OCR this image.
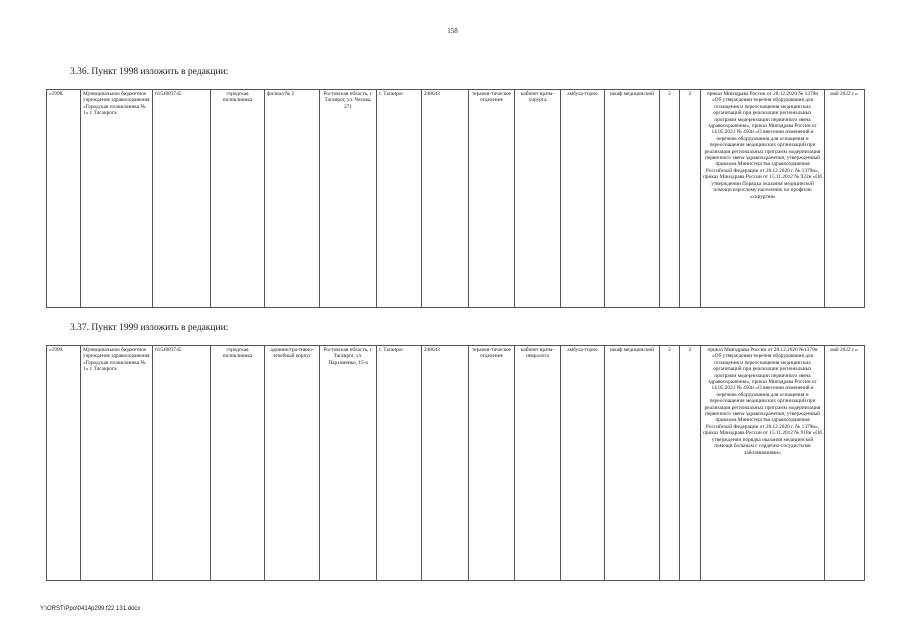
158
3.36. Пункт 1998 изложить в редакции:
«1998.	Муниципальное бюджетное учреждение здравоохранения «Городская поликлиника № 1» г. Таганрога	6154083745	городская поликлиника	филиал № 2	Ростовская область, г. Таганрог, ул. Чехова, 271	г. Таганрог	248643	терапев-тическое отделение	кабинет врача-хирурга	амбула-торно	шкаф медицинский	2	2	приказ Минздрава России от 28.12.2020 № 1379н «Об утверждении перечня оборудования для оснащения и переоснащения медицинских организаций при реализации региональных программ модернизации первичного звена здравоохранения», приказ Минздрава России от 14.05.2021 № 450н «О внесении изменений в перечень оборудования для оснащения и переоснащения медицинских организаций при реализации региональных программ модернизации первичного звена здравоохранения, утвержденный приказом Министерства здравоохранения Российской Федерации от 28.12.2020 г. № 1379н», приказ Минздрава России от 15.11.2012 № 922н «Об утверждении Порядка оказания медицинской помощи взрослому населению по профилю «хирургия»	май 2022 г.».
3.37. Пункт 1999 изложить в редакции:
«1999.	Муниципальное бюджетное учреждение здравоохранения «Городская поликлиника № 1» г. Таганрога	6154083745	городская поликлиника	администра-тивно-лечебный корпус	Ростовская область, г. Таганрог, ул. Пархоменко, 15-а	г. Таганрог	248643	терапев-тическое отделение	кабинет врача-невролога	амбула-торно	шкаф медицинский	2	2	приказ Минздрава России от 28.12.2020 №1379н «Об утверждении перечня оборудования для оснащения и переоснащения медицинских организаций при реализации региональных программ модернизации первичного звена здравоохранения», приказ Минздрава России от 14.05.2021 № 450н «О внесении изменений в перечень оборудования для оснащения и переоснащения медицинских организаций при реализации региональных программ модернизации первичного звена здравоохранения, утвержденный приказом Министерства здравоохранения Российской Федерации от 28.12.2020 г. № 1379н», приказ Минздрава России от 15.11.2012 № 918н «Об утверждении порядка оказания медицинской помощи больным с сердечно-сосудистыми заболеваниями»	май 2022 г.».
Y:\ORST\Ppo\0414p299.f22 131.docx
